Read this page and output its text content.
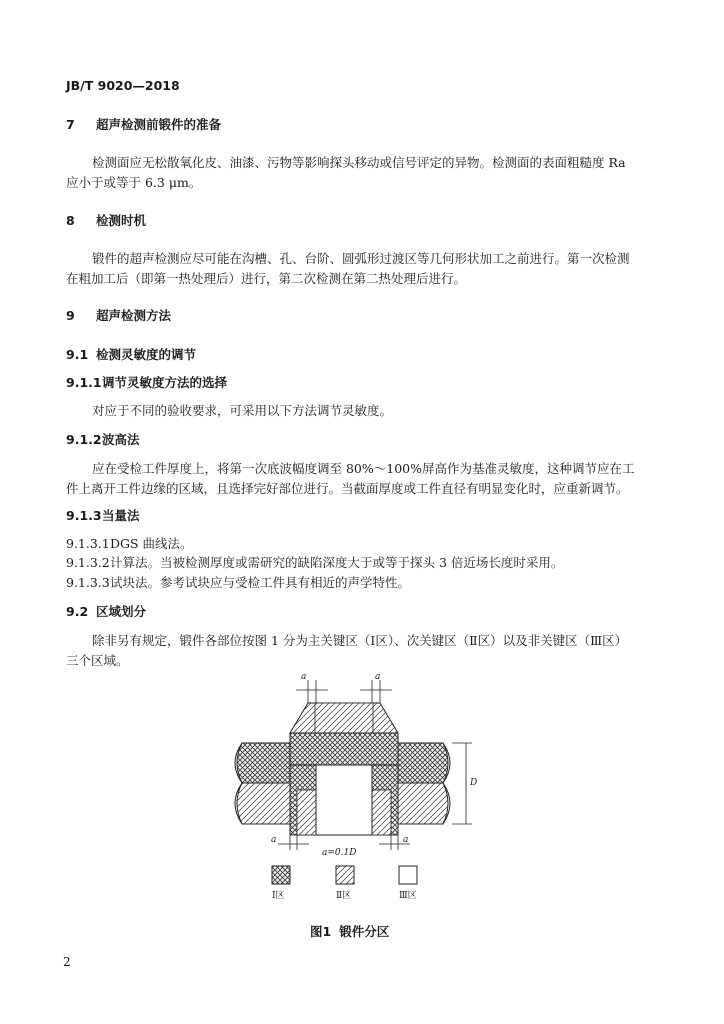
JB/T 9020—2018
7 超声检测前锻件的准备
检测面应无松散氧化皮、油漆、污物等影响探头移动或信号评定的异物。检测面的表面粗糙度 Ra
应小于或等于 6.3 μm。
8 检测时机
锻件的超声检测应尽可能在沟槽、孔、台阶、圆弧形过渡区等几何形状加工之前进行。第一次检测
在粗加工后（即第一热处理后）进行，第二次检测在第二热处理后进行。
9 超声检测方法
9.1 检测灵敏度的调节
9.1.1调节灵敏度方法的选择
对应于不同的验收要求，可采用以下方法调节灵敏度。
9.1.2波高法
应在受检工件厚度上，将第一次底波幅度调至 80%～100%屏高作为基准灵敏度，这种调节应在工
件上离开工件边缘的区域，且选择完好部位进行。当截面厚度或工件直径有明显变化时，应重新调节。
9.1.3当量法
9.1.3.1DGS 曲线法。
9.1.3.2计算法。当被检测厚度或需研究的缺陷深度大于或等于探头 3 倍近场长度时采用。
9.1.3.3试块法。参考试块应与受检工件具有相近的声学特性。
9.2 区域划分
除非另有规定，锻件各部位按图 1 分为主关键区（Ⅰ区）、次关键区（Ⅱ区）以及非关键区（Ⅲ区）
三个区域。
a	a
a	a
D
a=0.1D
Ⅰ区	Ⅱ区	Ⅲ区
图1 锻件分区
2
